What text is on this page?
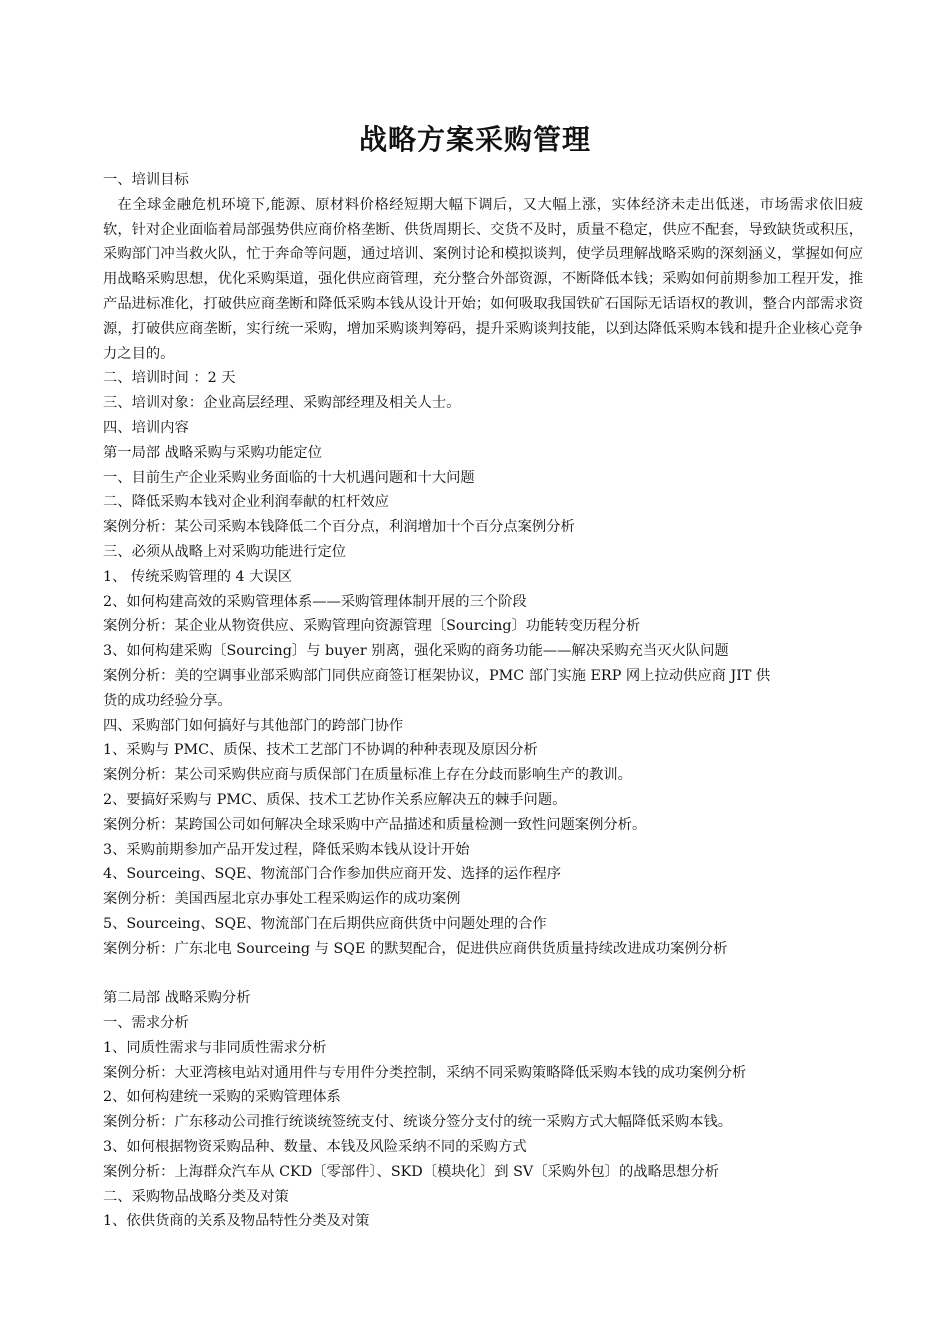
战略方案采购管理

一、培训目标

在全球金融危机环境下,能源、原材料价格经短期大幅下调后，又大幅上涨，实体经济未走出低迷，市场需求依旧疲软，针对企业面临着局部强势供应商价格垄断、供货周期长、交货不及时，质量不稳定，供应不配套，导致缺货或积压，采购部门冲当救火队，忙于奔命等问题，通过培训、案例讨论和模拟谈判，使学员理解战略采购的深刻涵义，掌握如何应用战略采购思想，优化采购渠道，强化供应商管理，充分整合外部资源，不断降低本钱；采购如何前期参加工程开发，推产品进标准化，打破供应商垄断和降低采购本钱从设计开始；如何吸取我国铁矿石国际无话语权的教训，整合内部需求资源，打破供应商垄断，实行统一采购，增加采购谈判筹码，提升采购谈判技能，以到达降低采购本钱和提升企业核心竞争力之目的。

二、培训时间 ：2 天

三、培训对象：企业高层经理、采购部经理及相关人士。

四、培训内容

第一局部 战略采购与采购功能定位

一、目前生产企业采购业务面临的十大机遇问题和十大问题

二、降低采购本钱对企业利润奉献的杠杆效应

案例分析：某公司采购本钱降低二个百分点，利润增加十个百分点案例分析

三、必须从战略上对采购功能进行定位

1、 传统采购管理的 4 大误区

2、如何构建高效的采购管理体系——采购管理体制开展的三个阶段

案例分析：某企业从物资供应、采购管理向资源管理〔Sourcing〕功能转变历程分析

3、如何构建采购〔Sourcing〕与 buyer 别离，强化采购的商务功能——解决采购充当灭火队问题

案例分析：美的空调事业部采购部门同供应商签订框架协议，PMC 部门实施 ERP 网上拉动供应商 JIT 供

货的成功经验分享。

四、采购部门如何搞好与其他部门的跨部门协作

1、采购与 PMC、质保、技术工艺部门不协调的种种表现及原因分析

案例分析：某公司采购供应商与质保部门在质量标准上存在分歧而影响生产的教训。

2、要搞好采购与 PMC、质保、技术工艺协作关系应解决五的棘手问题。

案例分析：某跨国公司如何解决全球采购中产品描述和质量检测一致性问题案例分析。

3、采购前期参加产品开发过程，降低采购本钱从设计开始

4、Sourceing、SQE、物流部门合作参加供应商开发、选择的运作程序

案例分析：美国西屋北京办事处工程采购运作的成功案例

5、Sourceing、SQE、物流部门在后期供应商供货中问题处理的合作

案例分析：广东北电 Sourceing 与 SQE 的默契配合，促进供应商供货质量持续改进成功案例分析

第二局部 战略采购分析

一、需求分析

1、同质性需求与非同质性需求分析

案例分析：大亚湾核电站对通用件与专用件分类控制，采纳不同采购策略降低采购本钱的成功案例分析

2、如何构建统一采购的采购管理体系

案例分析：广东移动公司推行统谈统签统支付、统谈分签分支付的统一采购方式大幅降低采购本钱。

3、如何根据物资采购品种、数量、本钱及风险采纳不同的采购方式

案例分析：上海群众汽车从 CKD〔零部件〕、SKD〔模块化〕到 SV〔采购外包〕的战略思想分析

二、采购物品战略分类及对策

1、依供货商的关系及物品特性分类及对策
